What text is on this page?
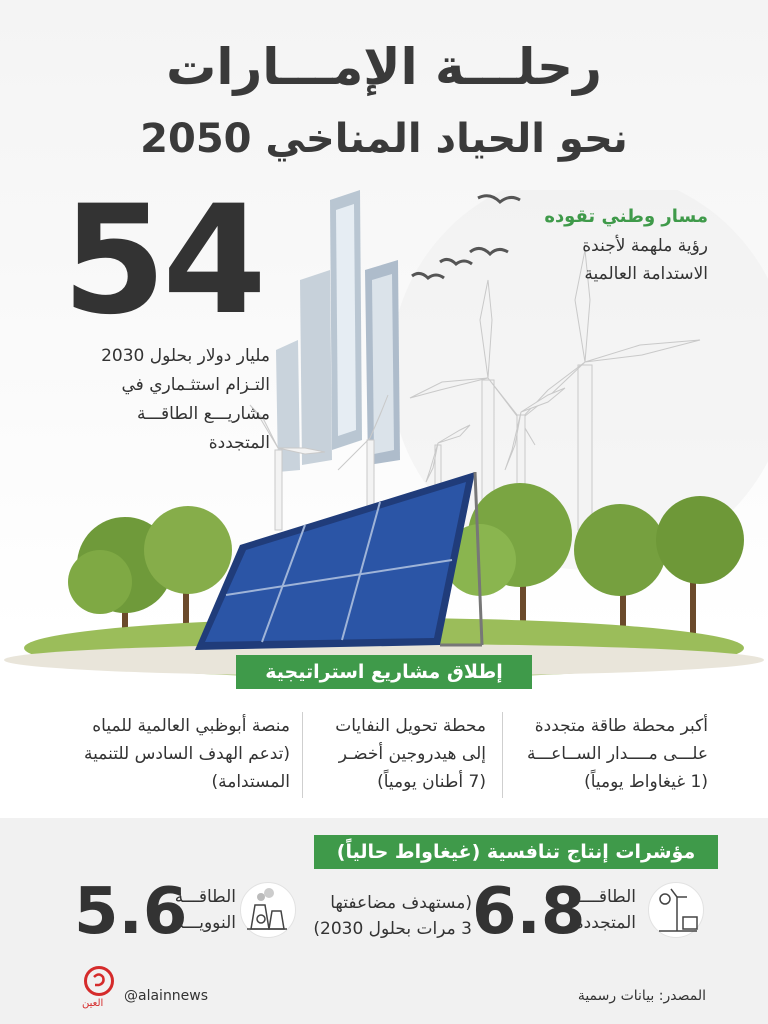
رحلـــة الإمـــارات
نحو الحياد المناخي 2050
54
مليار دولار بحلول 2030
التـزام استثـماري في
مشاريـــع الطاقـــة
المتجددة
مسار وطني تقوده
رؤية ملهمة لأجندة
الاستدامة العالمية
إطلاق مشاريع استراتيجية
أكبر محطة طاقة متجددة
علـــى مــــدار الســاعـــة
(1 غيغاواط يومياً)
محطة تحويل النفايات
إلى هيدروجين أخضـر
(7 أطنان يومياً)
منصة أبوظبي العالمية للمياه
(تدعم الهدف السادس للتنمية
المستدامة)
مؤشرات إنتاج تنافسية (غيغاواط حالياً)
الطاقــــة
المتجددة
6.8
(مستهدف مضاعفتها
3 مرات بحلول 2030)
الطاقـــة
النوويـــة
5.6
العين @alainnews	المصدر: بيانات رسمية
